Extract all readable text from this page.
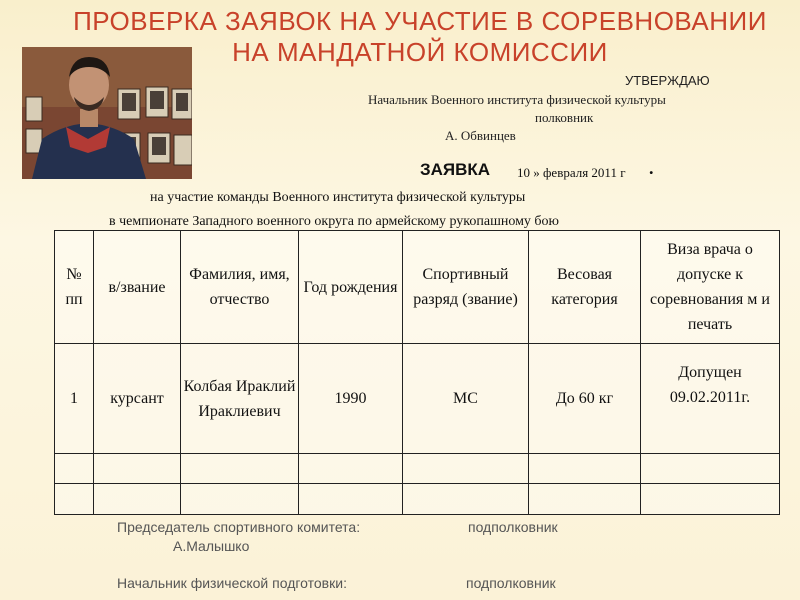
ПРОВЕРКА ЗАЯВОК НА УЧАСТИЕ В СОРЕВНОВАНИИ
НА МАНДАТНОЙ КОМИССИИ
УТВЕРЖДАЮ
Начальник Военного института физической культуры
полковник
А. Обвинцев
ЗАЯВКА 10 » февраля 2011 г .
на участие команды Военного института физической культуры
в чемпионате Западного военного округа по армейскому рукопашному бою
№ пп	в/звание	Фамилия, имя, отчество	Год рождения	Спортивный разряд (звание)	Весовая категория	Виза врача о допуске к соревнования м и печать
1	курсант	Колбая Ираклий Ираклиевич	1990	МС	До 60 кг	Допущен 09.02.2011г.

Председатель спортивного комитета:	подполковник
А.Малышко
Начальник физической подготовки:	подполковник
